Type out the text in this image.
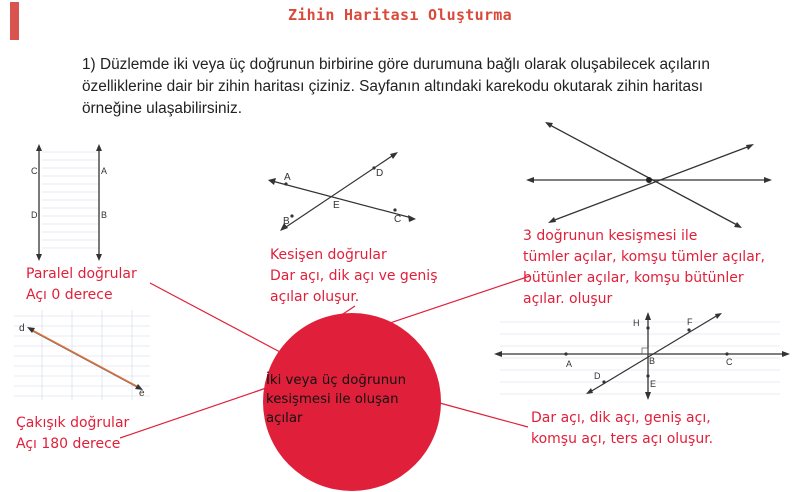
Zihin Haritası Oluşturma
1) Düzlemde iki veya üç doğrunun birbirine göre durumuna bağlı olarak oluşabilecek açıların özelliklerine dair bir zihin haritası çiziniz. Sayfanın altındaki karekodu okutarak zihin haritası örneğine ulaşabilirsiniz.
C	A
D	B
A	D
E
B	C
d
e
H	F
A	B	C
D
E
Paralel doğrular
Açı 0 derece
Kesişen doğrular
Dar açı, dik açı ve geniş
açılar oluşur.
3 doğrunun kesişmesi ile
tümler açılar, komşu tümler açılar,
bütünler açılar, komşu bütünler
açılar. oluşur
Çakışık doğrular
Açı 180 derece
Dar açı, dik açı, geniş açı,
komşu açı, ters açı oluşur.
İki veya üç doğrunun kesişmesi ile oluşan açılar
